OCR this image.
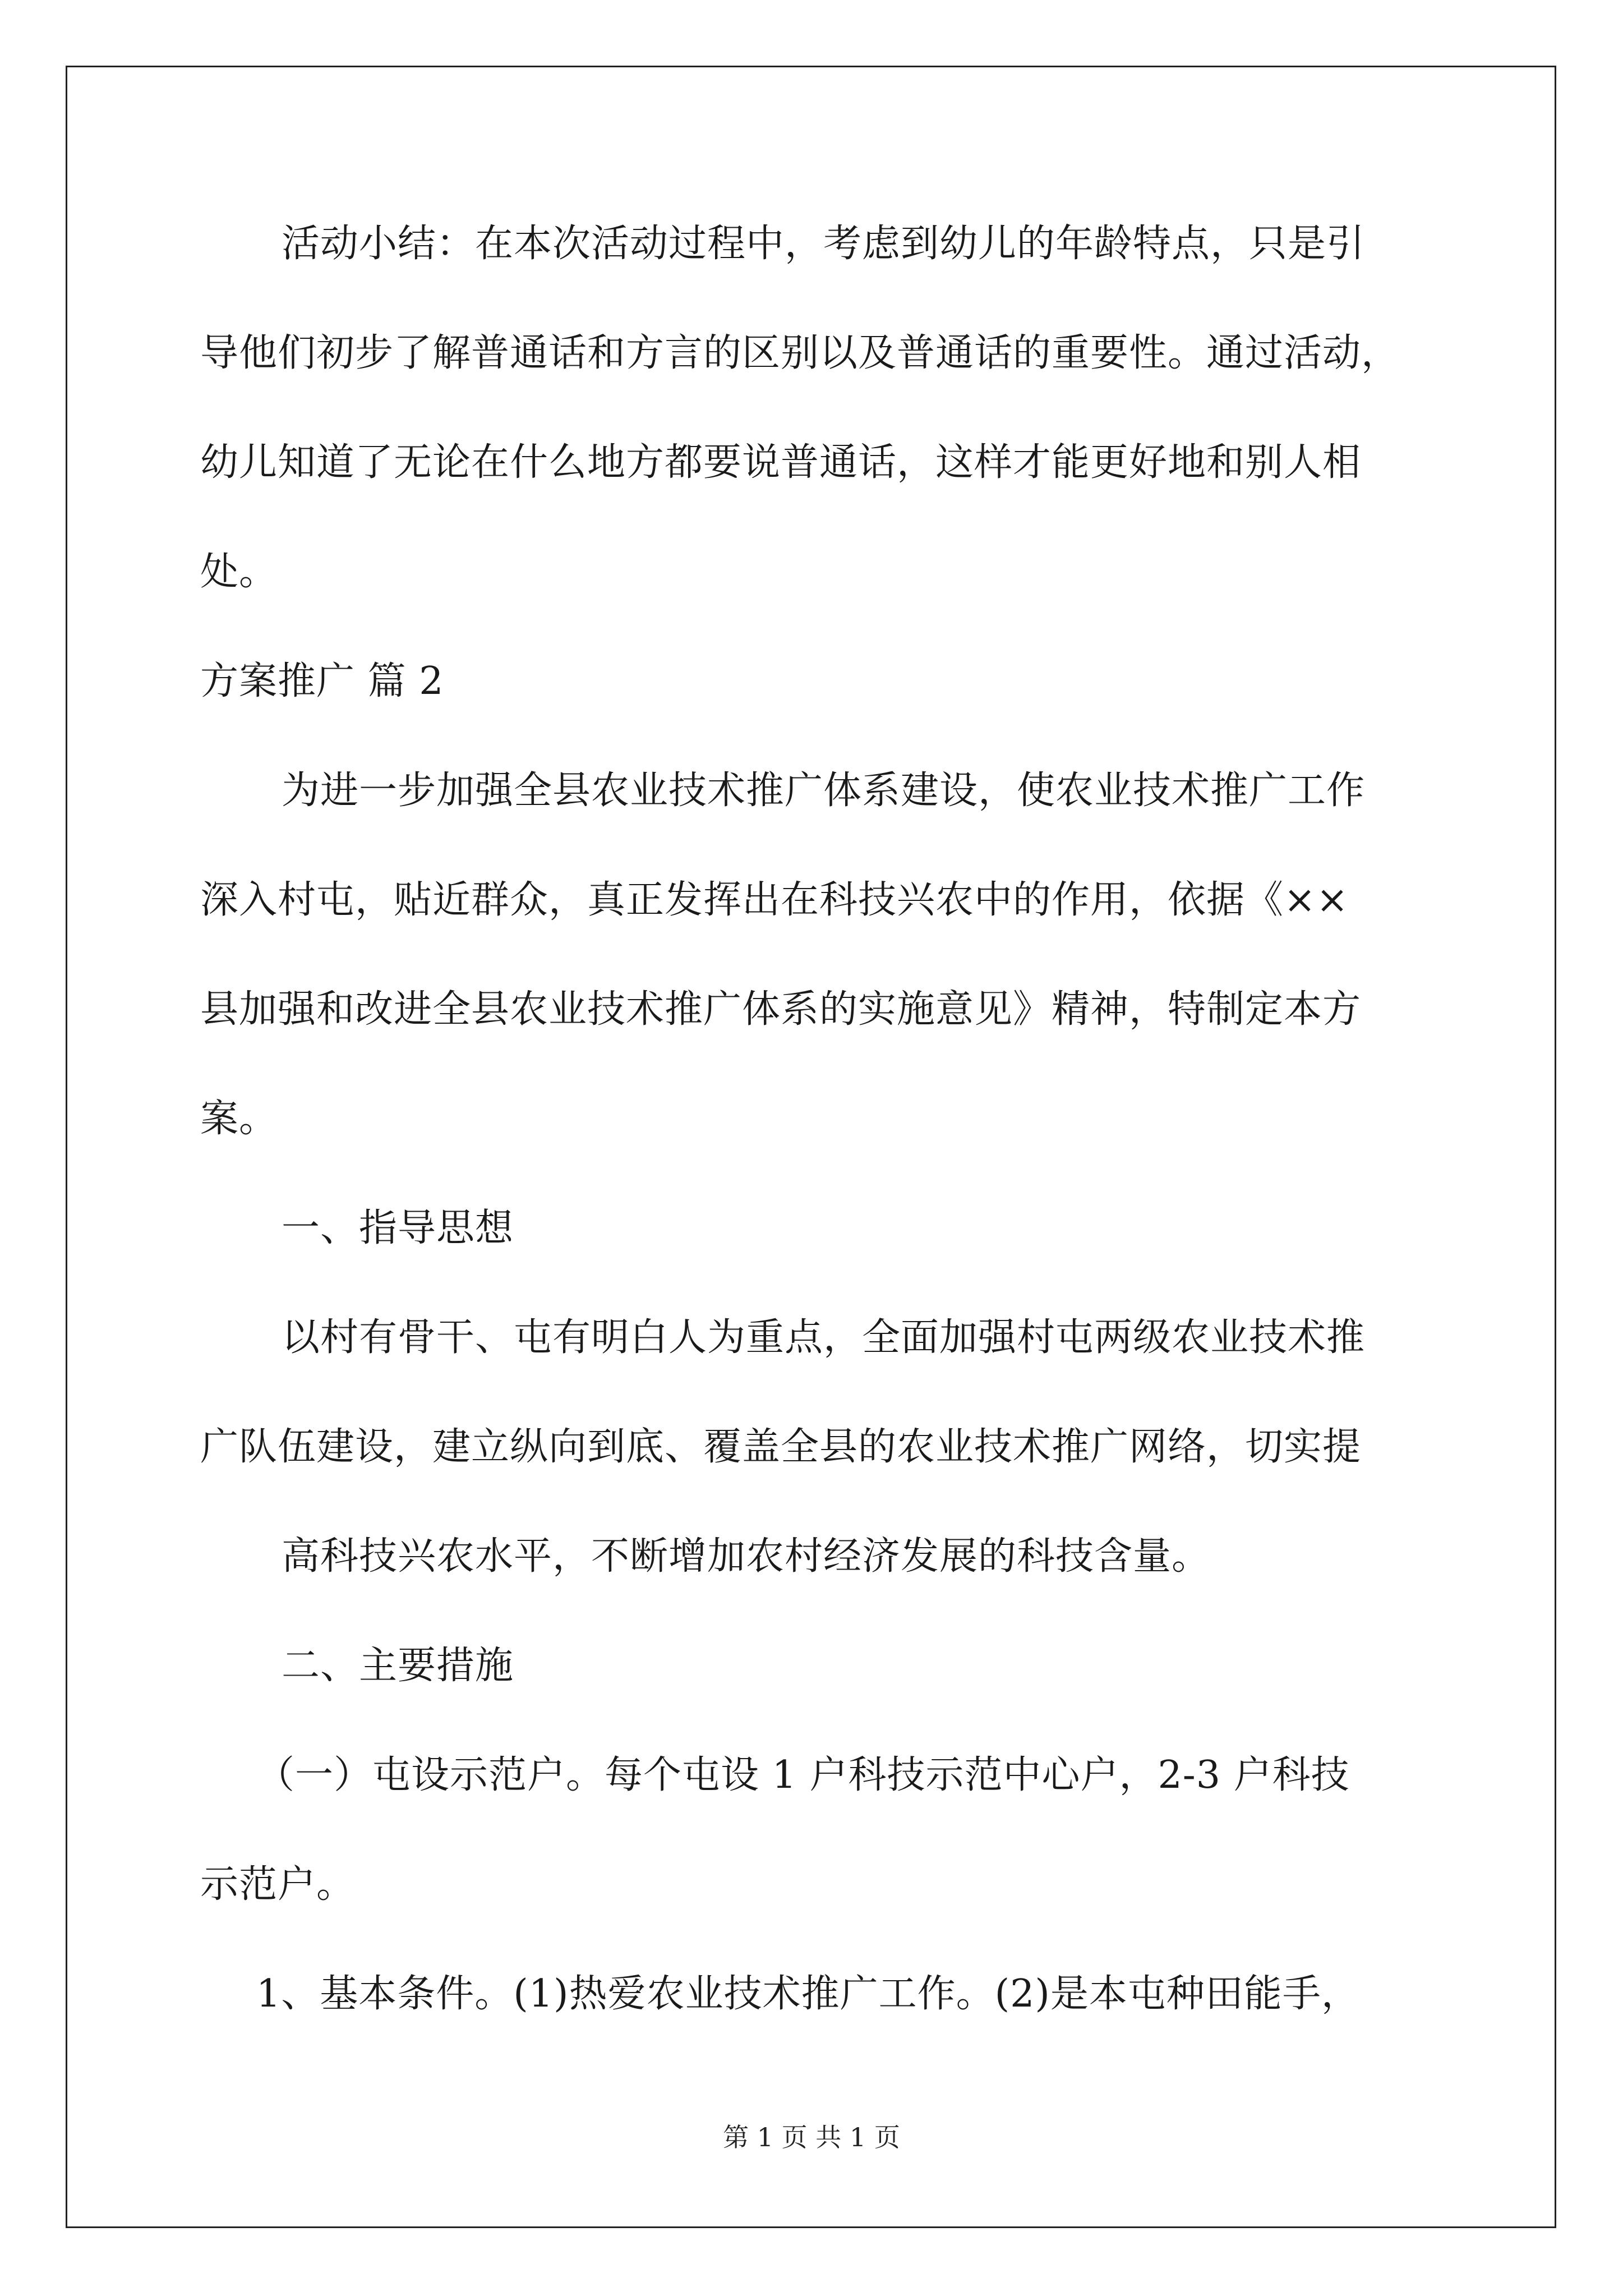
活动小结：在本次活动过程中，考虑到幼儿的年龄特点，只是引
导他们初步了解普通话和方言的区别以及普通话的重要性。通过活动，
幼儿知道了无论在什么地方都要说普通话，这样才能更好地和别人相
处。
方案推广 篇 2
为进一步加强全县农业技术推广体系建设，使农业技术推广工作
深入村屯，贴近群众，真正发挥出在科技兴农中的作用，依据《××
县加强和改进全县农业技术推广体系的实施意见》精神，特制定本方
案。
一、指导思想
以村有骨干、屯有明白人为重点，全面加强村屯两级农业技术推
广队伍建设，建立纵向到底、覆盖全县的农业技术推广网络，切实提
高科技兴农水平，不断增加农村经济发展的科技含量。
二、主要措施
（一）屯设示范户。每个屯设 1 户科技示范中心户，2-3 户科技
示范户。
1、基本条件。(1)热爱农业技术推广工作。(2)是本屯种田能手，
第 1 页 共 1 页
